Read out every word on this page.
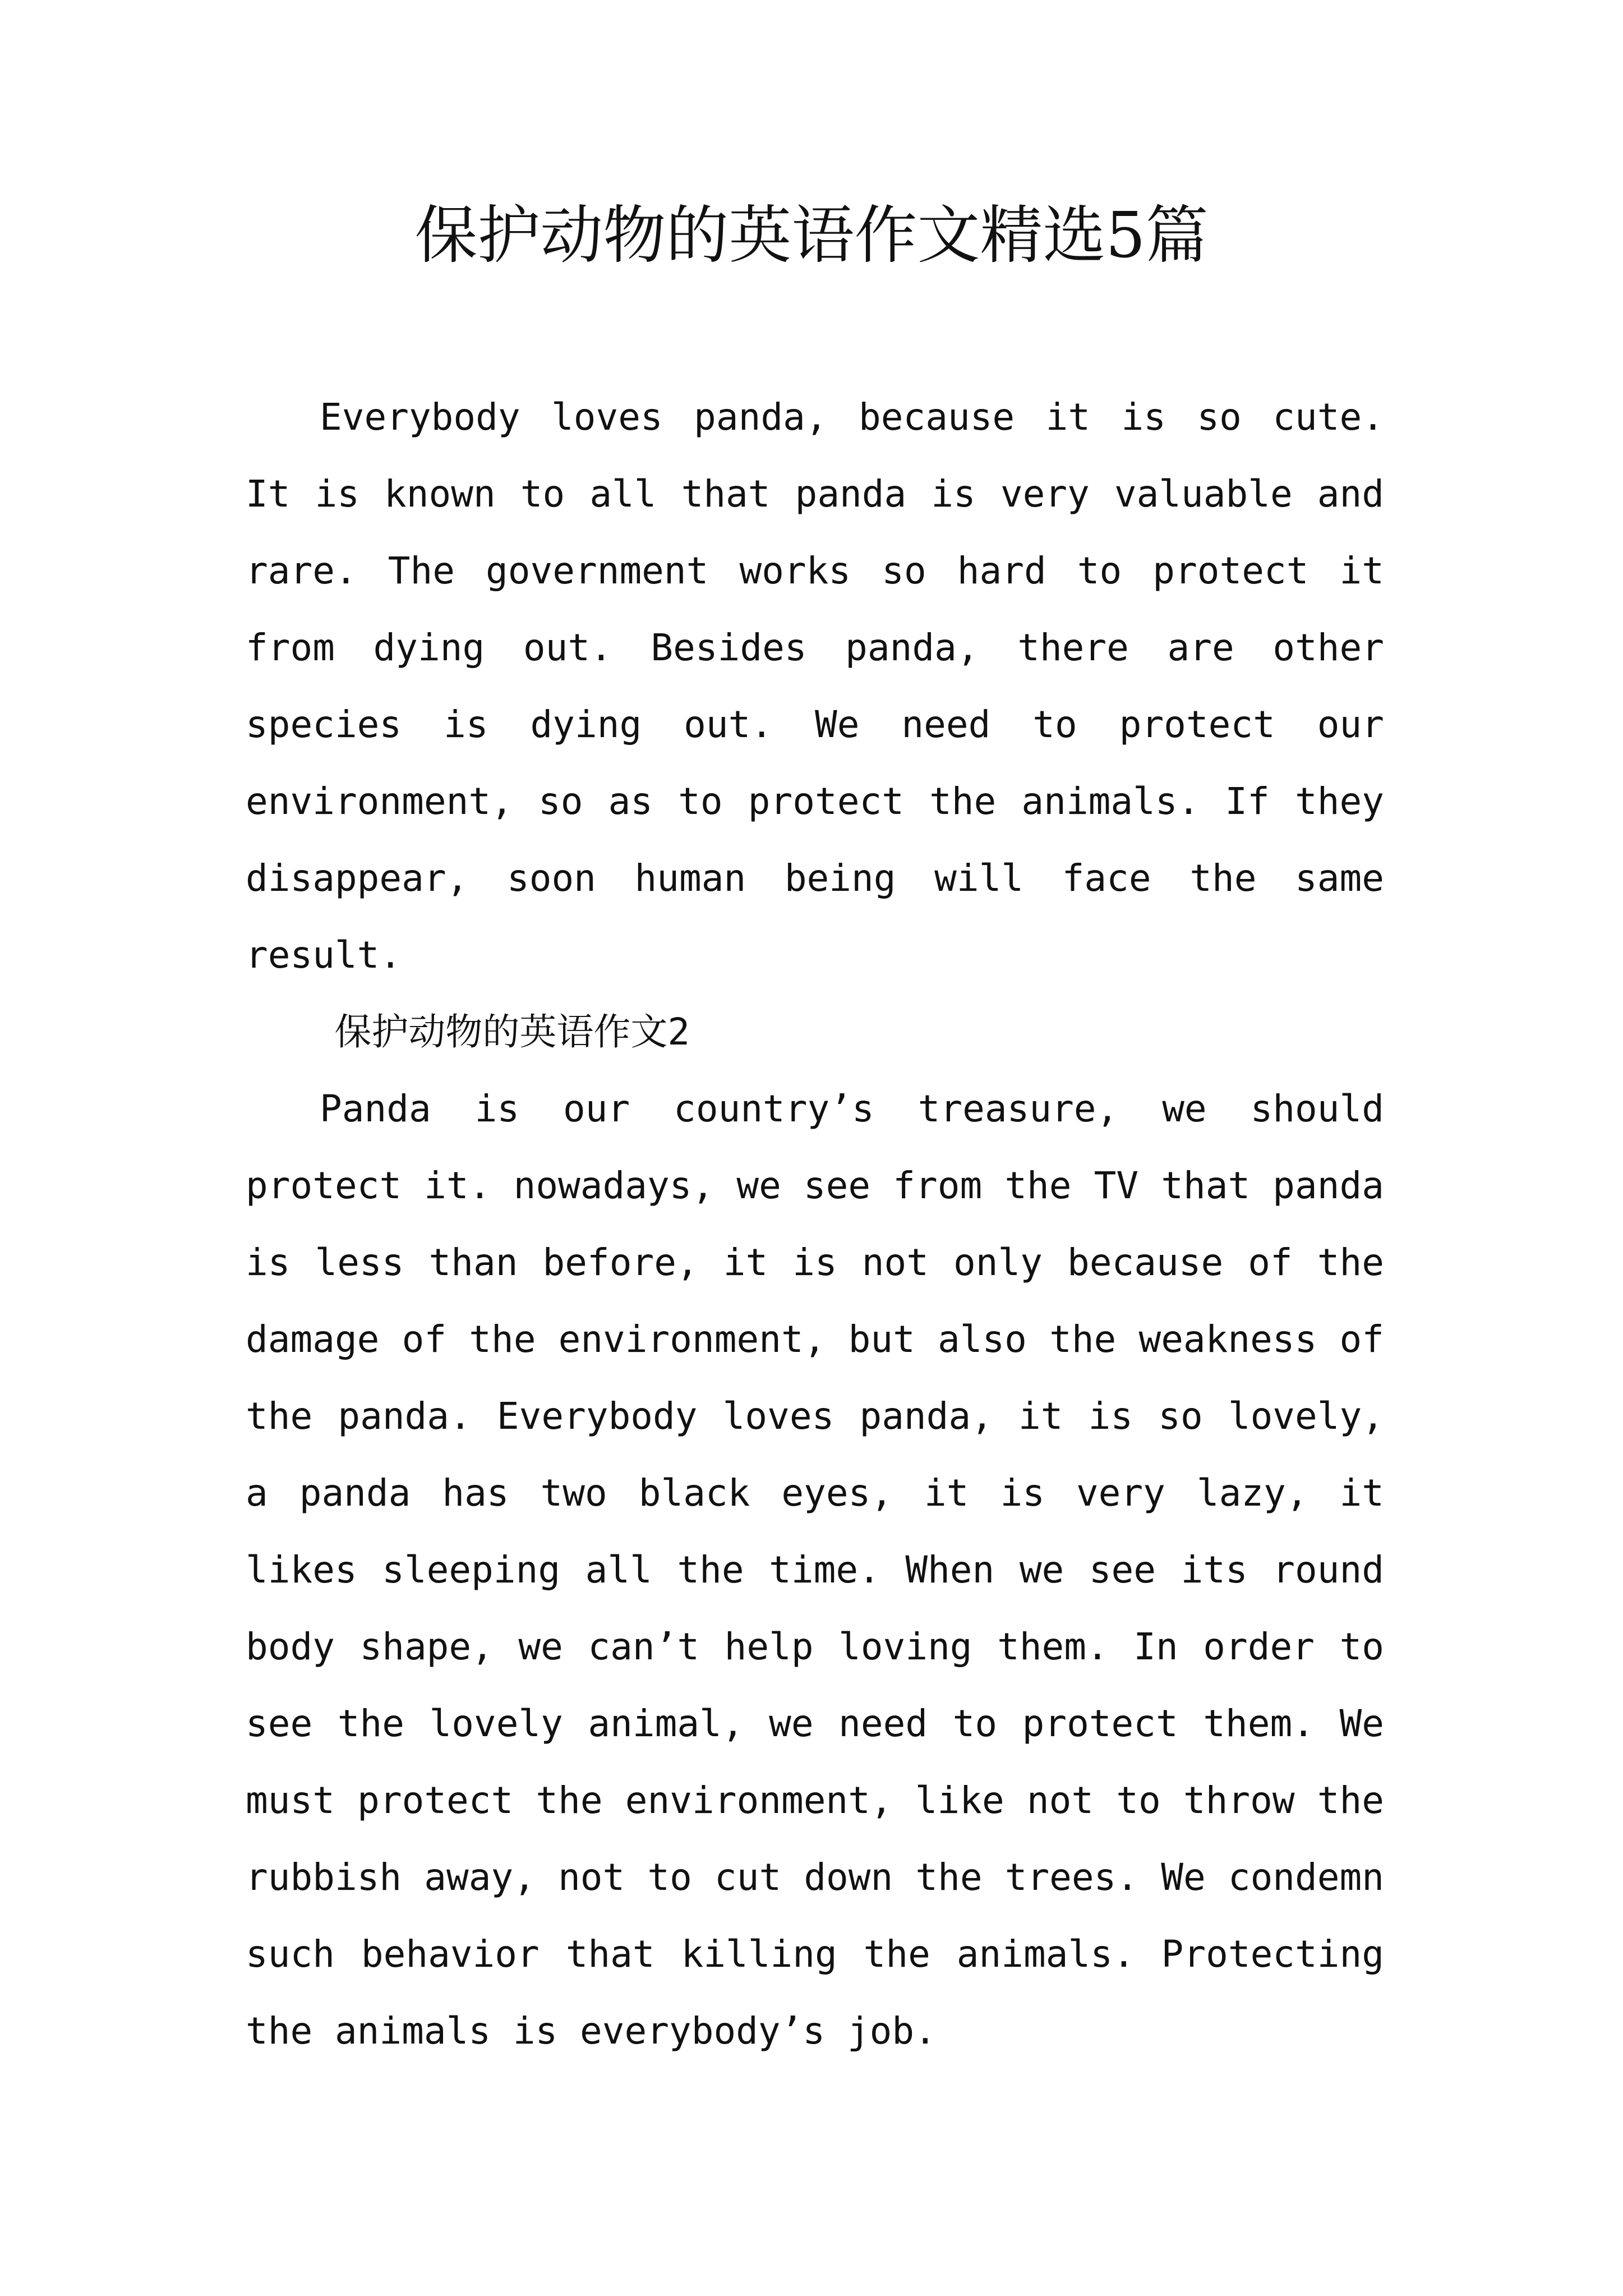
保护动物的英语作文精选5篇

Everybody loves panda, because it is so cute. It is known to all that panda is very valuable and rare. The government works so hard to protect it from dying out. Besides panda, there are other species is dying out. We need to protect our environment, so as to protect the animals. If they disappear, soon human being will face the same result.

保护动物的英语作文2

Panda is our country’s treasure, we should protect it. nowadays, we see from the TV that panda is less than before, it is not only because of the damage of the environment, but also the weakness of the panda. Everybody loves panda, it is so lovely, a panda has two black eyes, it is very lazy, it likes sleeping all the time. When we see its round body shape, we can’t help loving them. In order to see the lovely animal, we need to protect them. We must protect the environment, like not to throw the rubbish away, not to cut down the trees. We condemn such behavior that killing the animals. Protecting the animals is everybody’s job.
